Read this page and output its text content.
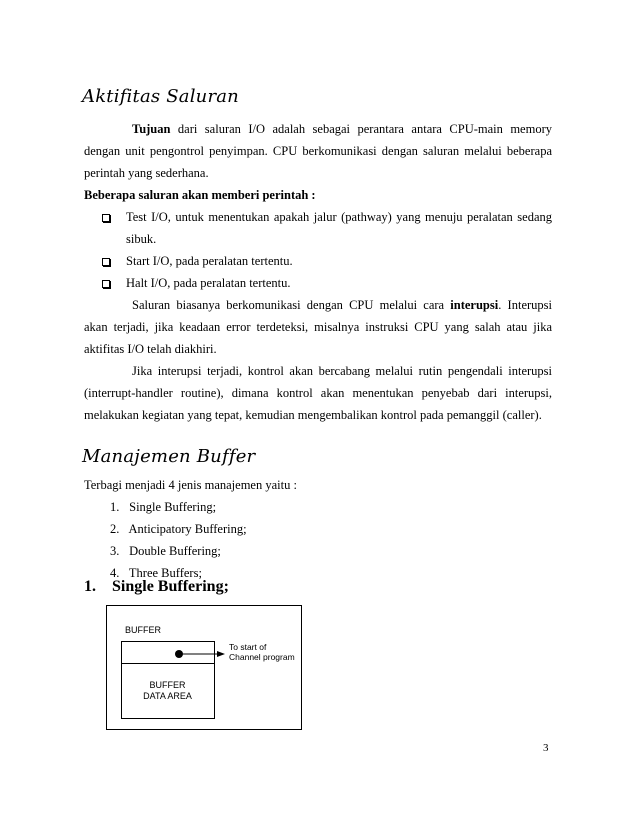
Aktifitas Saluran
Tujuan dari saluran I/O adalah sebagai perantara antara CPU-main memory dengan unit pengontrol penyimpan. CPU berkomunikasi dengan saluran melalui beberapa perintah yang sederhana.
Beberapa saluran akan memberi perintah :
Test I/O, untuk menentukan apakah jalur (pathway) yang menuju peralatan sedang sibuk.
Start I/O, pada peralatan tertentu.
Halt I/O, pada peralatan tertentu.
Saluran biasanya berkomunikasi dengan CPU melalui cara interupsi. Interupsi akan terjadi, jika keadaan error terdeteksi, misalnya instruksi CPU yang salah atau jika aktifitas I/O telah diakhiri.
Jika interupsi terjadi, kontrol akan bercabang melalui rutin pengendali interupsi (interrupt-handler routine), dimana kontrol akan menentukan penyebab dari interupsi, melakukan kegiatan yang tepat, kemudian mengembalikan kontrol pada pemanggil (caller).
Manajemen Buffer
Terbagi menjadi 4 jenis manajemen yaitu :
1. Single Buffering;
2. Anticipatory Buffering;
3. Double Buffering;
4. Three Buffers;
1. Single Buffering;
BUFFER
BUFFER
DATA AREA
To start of
Channel program
3
